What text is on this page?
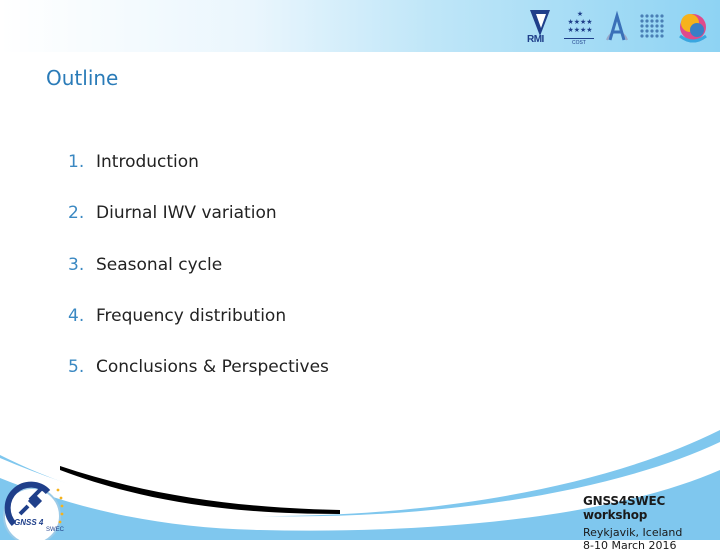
RMI
★
★★★★
★★★★
COST
Outline
1. Introduction
2. Diurnal IWV variation
3. Seasonal cycle
4. Frequency distribution
5. Conclusions & Perspectives
GNSS 4
SWEC
GNSS4SWEC workshop
Reykjavik, Iceland
8-10 March 2016
